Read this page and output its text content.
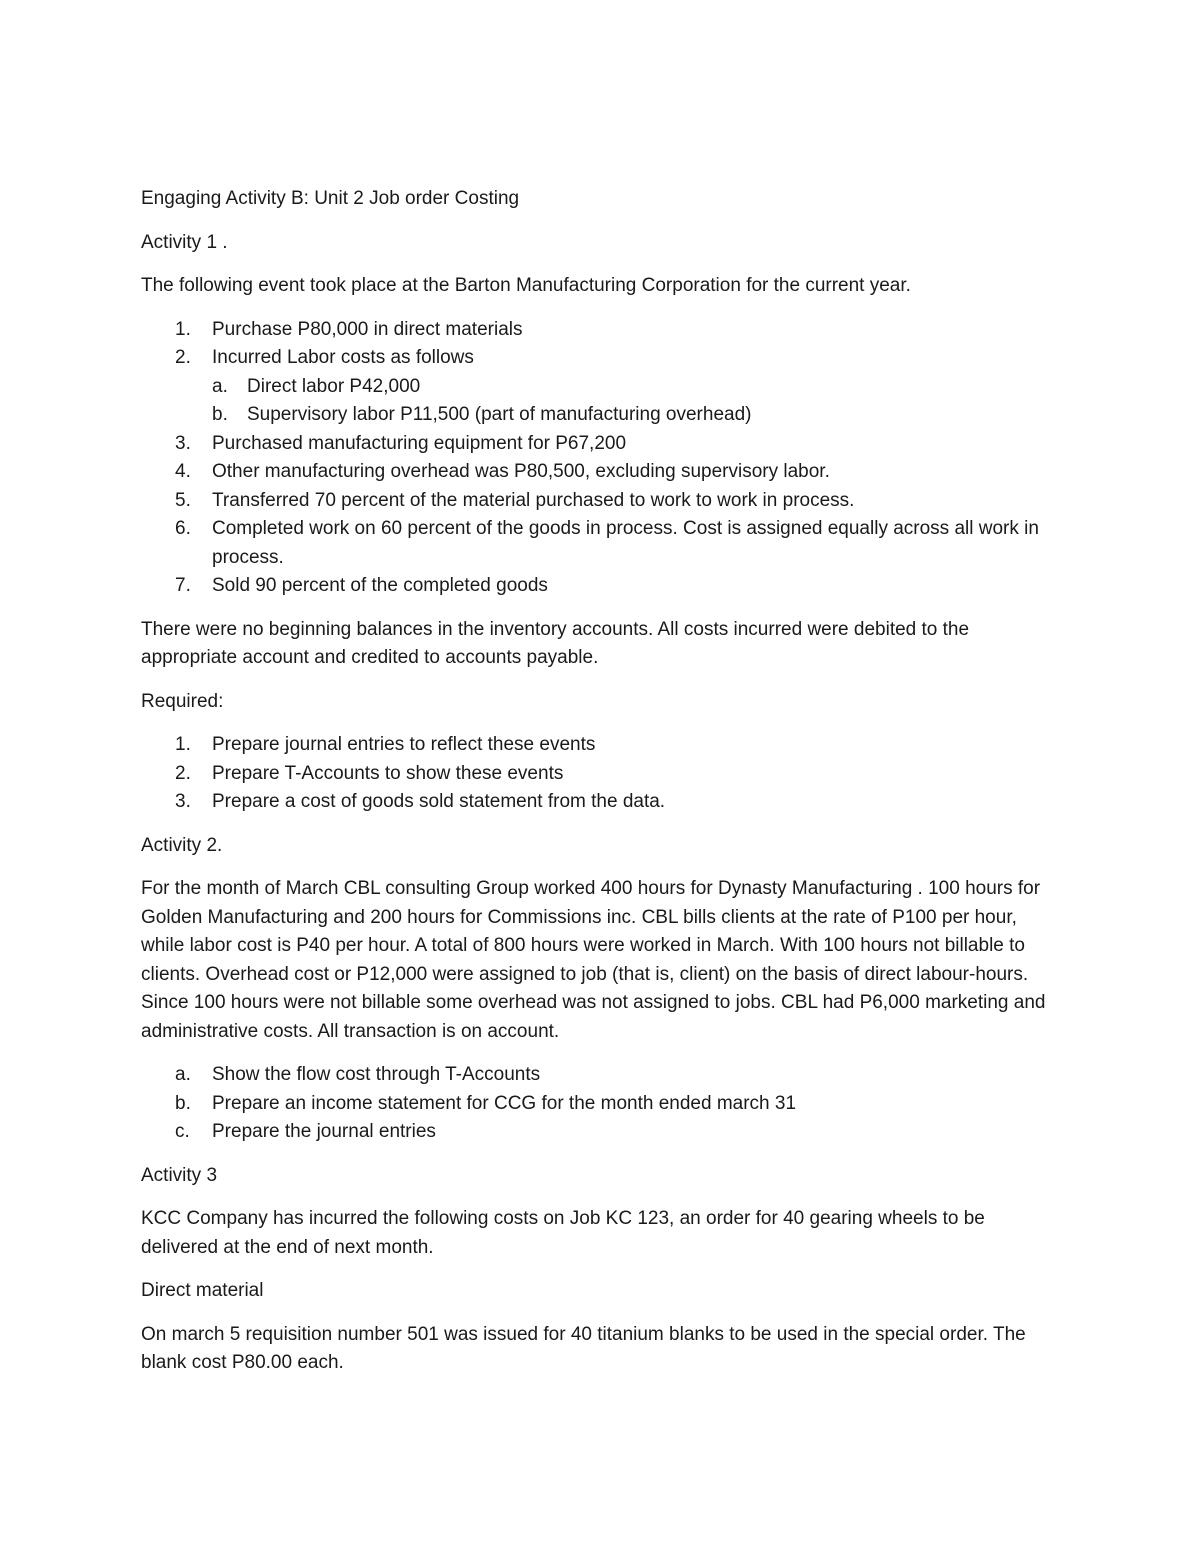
Engaging Activity B: Unit 2 Job order Costing

Activity 1 .

The following event took place at the Barton Manufacturing Corporation for the current year.

1. Purchase P80,000 in direct materials
2. Incurred Labor costs as follows
a. Direct labor P42,000
b. Supervisory labor P11,500 (part of manufacturing overhead)
3. Purchased manufacturing equipment for P67,200
4. Other manufacturing overhead was P80,500, excluding supervisory labor.
5. Transferred 70 percent of the material purchased to work to work in process.
6. Completed work on 60 percent of the goods in process. Cost is assigned equally across all work in process.
7. Sold 90 percent of the completed goods

There were no beginning balances in the inventory accounts. All costs incurred were debited to the appropriate account and credited to accounts payable.

Required:

1. Prepare journal entries to reflect these events
2. Prepare T-Accounts to show these events
3. Prepare a cost of goods sold statement from the data.

Activity 2.

For the month of March CBL consulting Group worked 400 hours for Dynasty Manufacturing . 100 hours for Golden Manufacturing and 200 hours for Commissions inc. CBL bills clients at the rate of P100 per hour, while labor cost is P40 per hour. A total of 800 hours were worked in March. With 100 hours not billable to clients. Overhead cost or P12,000 were assigned to job (that is, client) on the basis of direct labour-hours. Since 100 hours were not billable some overhead was not assigned to jobs. CBL had P6,000 marketing and administrative costs. All transaction is on account.

a. Show the flow cost through T-Accounts
b. Prepare an income statement for CCG for the month ended march 31
c. Prepare the journal entries

Activity 3

KCC Company has incurred the following costs on Job KC 123, an order for 40 gearing wheels to be delivered at the end of next month.

Direct material

On march 5 requisition number 501 was issued for 40 titanium blanks to be used in the special order. The blank cost P80.00 each.
